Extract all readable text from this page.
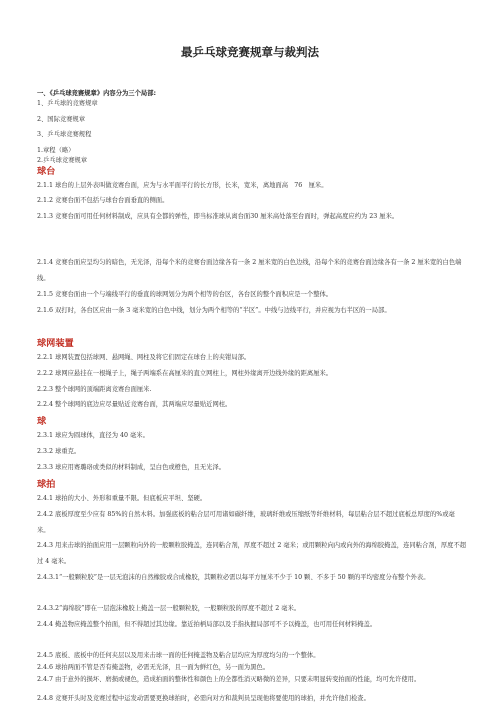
最乒乓球竞赛规章与裁判法
一、《乒乓球竞赛规章》内容分为三个局部:
1、乒乓球的竞赛规章
2、国际竞赛规章
3、乒乓球竞赛规程
1.章程（略）
2.乒乓球竞赛规章
球台
2.1.1 球台的上层外表叫做竞赛台面，应为与水平面平行的长方形，长米，宽米，离地面高　76　厘米。
2.1.2 竞赛台面不包括与球台台面垂直的侧面。
2.1.3 竞赛台面可用任何材料制成，应具有全都的弹性，即当标准球从离台面30 厘米高处落至台面时，弹起高度应约为 23 厘米。
2.1.4 竞赛台面应呈均匀的暗色，无光泽，沿每个米的竞赛台面边缘各有一条 2 厘米宽的白色边线，沿每个米的竞赛台面边缘各有一条 2 厘米宽的白色端线。
2.1.5 竞赛台面由一个与端线平行的垂直的球网划分为两个相等的台区，各台区的整个面积应是一个整体。
2.1.6 双打时，各台区应由一条 3 毫米宽的白色中线，划分为两个相等的“半区”。中线与边线平行，并应视为右半区的一局部。
球网装置
2.2.1 球网装置包括球网、悬网绳、网柱及将它们固定在球台上的夹钳局部。
2.2.2 球网应悬挂在一根绳子上，绳子两端系在高厘米的直立网柱上，网柱外缘离开边线外缘的距离厘米。
2.2.3 整个球网的顶端距离竞赛台面厘米.
2.2.4 整个球网的底边应尽量贴近竞赛台面，其两端应尽量贴近网柱。
球
2.3.1 球应为圆球体，直径为 40 毫米。
2.3.2 球重克。
2.3.3 球应用赛璐珞或类似的材料制成，呈白色或橙色，且无光泽。
球拍
2.4.1 球拍的大小、外形和重量不限。但底板应平坦、坚硬。
2.4.2 底板厚度至少应有 85%的自然木料。加强底板的粘合层可用诸如碳纤维，玻璃纤维或压缩纸等纤维材料，每层粘合层不超过底板总厚度的%或毫米。
2.4.3 用来击球的拍面应用一层颗粒向外的一般颗粒胶掩盖，连同粘合剂，厚度不超过 2 毫米；或用颗粒向内或向外的海绵胶掩盖，连同粘合剂，厚度不超过 4 毫米。
2.4.3.1“一般颗粒胶”是一层无泡沫的自然橡胶或合成橡胶，其颗粒必需以每平方厘米不少于 10 颗、不多于 50 颗的平均密度分布整个外表。
2.4.3.2“海绵胶”即在一层泡沫橡胶上掩盖一层一般颗粒胶，一般颗粒胶的厚度不超过 2 毫米。
2.4.4 掩盖物应掩盖整个拍面，但不得超过其边缘。靠近拍柄局部以及手指执握局部可不予以掩盖，也可用任何材料掩盖。
2.4.5 底板、底板中的任何夹层以及用来击球一面的任何掩盖物及粘合层均应为厚度均匀的一个整体。
2.4.6 球拍两面不管是否有掩盖物，必需无光泽，且一面为鲜红色，另一面为黑色。
2.4.7 由于意外的损坏、磨损或褪色，造成拍面的整体性和颜色上的全都性消灭略微的差异，只要未明显转变拍面的性能，均可允许使用。
2.4.8 竞赛开头时及竞赛过程中运发动需要更换球拍时，必需向对方和裁判员呈现他将要使用的球拍，并允许他们检查。
